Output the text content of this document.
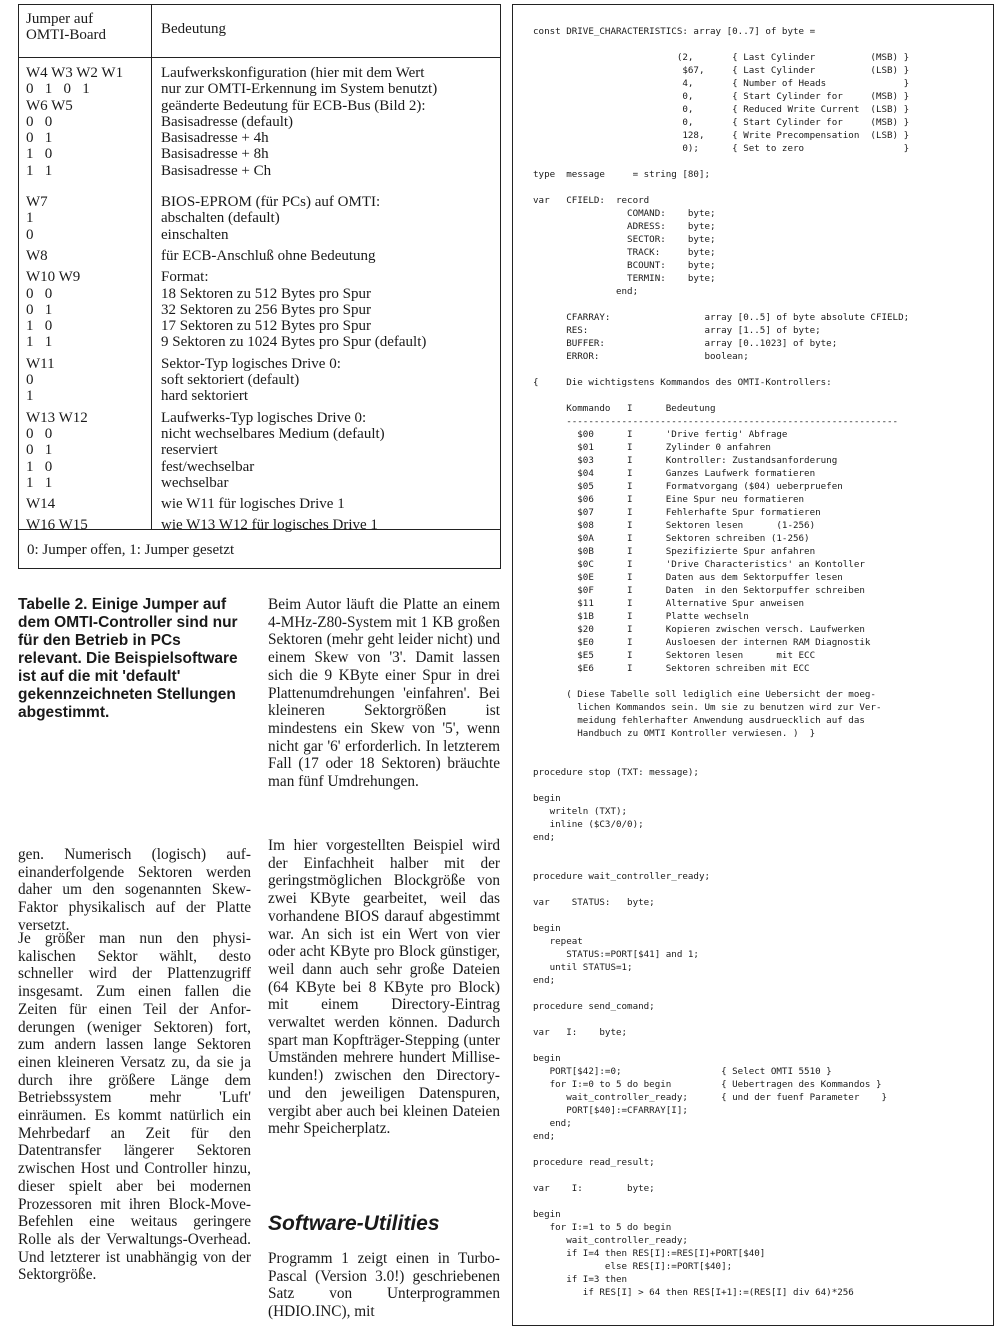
Jumper auf
OMTI-Board	Bedeutung
W4 W3 W2 W1	Laufwerkskonfiguration (hier mit dem Wert
0   1   0   1	nur zur OMTI-Erkennung im System benutzt)
W6 W5	geänderte Bedeutung für ECB-Bus (Bild 2):
0   0	Basisadresse (default)
0   1	Basisadresse + 4h
1   0	Basisadresse + 8h
1   1	Basisadresse + Ch
W7	BIOS-EPROM (für PCs) auf OMTI:
1	abschalten (default)
0	einschalten
W8	für ECB-Anschluß ohne Bedeutung
W10 W9	Format:
0   0	18 Sektoren zu 512 Bytes pro Spur
0   1	32 Sektoren zu 256 Bytes pro Spur
1   0	17 Sektoren zu 512 Bytes pro Spur
1   1	9 Sektoren zu 1024 Bytes pro Spur (default)
W11	Sektor-Typ logisches Drive 0:
0	soft sektoriert (default)
1	hard sektoriert
W13 W12	Laufwerks-Typ logisches Drive 0:
0   0	nicht wechselbares Medium (default)
0   1	reserviert
1   0	fest/wechselbar
1   1	wechselbar
W14	wie W11 für logisches Drive 1
W16 W15	wie W13 W12 für logisches Drive 1
0: Jumper offen, 1: Jumper gesetzt
Tabelle 2. Einige Jumper auf dem OMTI-Controller sind nur für den Betrieb in PCs relevant. Die Beispielsoftware ist auf die mit 'default' gekennzeichneten Stellungen abgestimmt.
gen. Numerisch (logisch) aufeinanderfolgende Sektoren werden daher um den sogenannten Skew-Faktor physikalisch auf der Platte versetzt.
Je größer man nun den physikalischen Sektor wählt, desto schneller wird der Plattenzugriff insgesamt. Zum einen fallen die Zeiten für einen Teil der Anforderungen (weniger Sektoren) fort, zum andern lassen lange Sektoren einen kleineren Versatz zu, da sie ja durch ihre größere Länge dem Betriebssystem mehr 'Luft' einräumen. Es kommt natürlich ein Mehrbedarf an Zeit für den Datentransfer längerer Sektoren zwischen Host und Controller hinzu, dieser spielt aber bei modernen Prozessoren mit ihren Block-Move-Befehlen eine weitaus geringere Rolle als der Verwaltungs-Overhead. Und letzterer ist unabhängig von der Sektorgröße.
Beim Autor läuft die Platte an einem 4-MHz-Z80-System mit 1 KB großen Sektoren (mehr geht leider nicht) und einem Skew von '3'. Damit lassen sich die 9 KByte einer Spur in drei Plattenumdrehungen 'einfahren'. Bei kleineren Sektorgrößen ist mindestens ein Skew von '5', wenn nicht gar '6' erforderlich. In letzterem Fall (17 oder 18 Sektoren) bräuchte man fünf Umdrehungen.
Im hier vorgestellten Beispiel wird der Einfachheit halber mit der geringstmöglichen Blockgröße von zwei KByte gearbeitet, weil das vorhandene BIOS darauf abgestimmt war. An sich ist ein Wert von vier oder acht KByte pro Block günstiger, weil dann auch sehr große Dateien (64 KByte bei 8 KByte pro Block) mit einem Directory-Eintrag verwaltet werden können. Dadurch spart man Kopfträger-Stepping (unter Umständen mehrere hundert Millisekunden!) zwischen den Directory- und den jeweiligen Datenspuren, vergibt aber auch bei kleinen Dateien mehr Speicherplatz.
Software-Utilities
Programm 1 zeigt einen in Turbo-Pascal (Version 3.0!) geschriebenen Satz von Unterprogrammen (HDIO.INC), mit
const DRIVE_CHARACTERISTICS: array [0..7] of byte =

(2,       { Last Cylinder          (MSB) }
$67,     { Last Cylinder          (LSB) }
4,       { Number of Heads              }
0,       { Start Cylinder for     (MSB) }
0,       { Reduced Write Current  (LSB) }
0,       { Start Cylinder for     (MSB) }
128,     { Write Precompensation  (LSB) }
0);      { Set to zero                  }

type  message     = string [80];

var   CFIELD:  record
COMAND:    byte;
ADRESS:    byte;
SECTOR:    byte;
TRACK:     byte;
BCOUNT:    byte;
TERMIN:    byte;
end;

CFARRAY:                 array [0..5] of byte absolute CFIELD;
RES:                     array [1..5] of byte;
BUFFER:                  array [0..1023] of byte;
ERROR:                   boolean;

{     Die wichtigstens Kommandos des OMTI-Kontrollers:

Kommando   I      Bedeutung
------------------------------------------------------------
$00      I      'Drive fertig' Abfrage
$01      I      Zylinder 0 anfahren
$03      I      Kontroller: Zustandsanforderung
$04      I      Ganzes Laufwerk formatieren
$05      I      Formatvorgang ($04) ueberpruefen
$06      I      Eine Spur neu formatieren
$07      I      Fehlerhafte Spur formatieren
$08      I      Sektoren lesen      (1-256)
$0A      I      Sektoren schreiben (1-256)
$0B      I      Spezifizierte Spur anfahren
$0C      I      'Drive Characteristics' an Kontoller
$0E      I      Daten aus dem Sektorpuffer lesen
$0F      I      Daten  in den Sektorpuffer schreiben
$11      I      Alternative Spur anweisen
$1B      I      Platte wechseln
$20      I      Kopieren zwischen versch. Laufwerken
$E0      I      Ausloesen der internen RAM Diagnostik
$E5      I      Sektoren lesen      mit ECC
$E6      I      Sektoren schreiben mit ECC

( Diese Tabelle soll lediglich eine Uebersicht der moeg-
lichen Kommandos sein. Um sie zu benutzen wird zur Ver-
meidung fehlerhafter Anwendung ausdruecklich auf das
Handbuch zu OMTI Kontroller verwiesen. )  }

procedure stop (TXT: message);

begin
writeln (TXT);
inline ($C3/0/0);
end;

procedure wait_controller_ready;

var    STATUS:   byte;

begin
repeat
STATUS:=PORT[$41] and 1;
until STATUS=1;
end;

procedure send_comand;

var   I:    byte;

begin
PORT[$42]:=0;                  { Select OMTI 5510 }
for I:=0 to 5 do begin         { Uebertragen des Kommandos }
wait_controller_ready;      { und der fuenf Parameter    }
PORT[$40]:=CFARRAY[I];
end;
end;

procedure read_result;

var    I:        byte;

begin
for I:=1 to 5 do begin
wait_controller_ready;
if I=4 then RES[I]:=RES[I]+PORT[$40]
else RES[I]:=PORT[$40];
if I=3 then
if RES[I] > 64 then RES[I+1]:=(RES[I] div 64)*256
